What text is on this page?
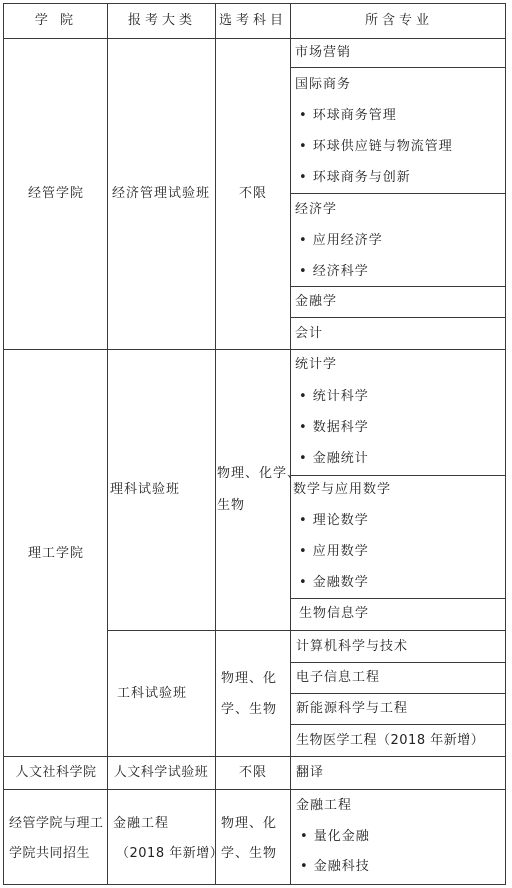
学 院	报考大类 选考科目	所含专业
经管学院 经济管理试验班 不限
市场营销
国际商务
• 环球商务管理
• 环球供应链与物流管理
• 环球商务与创新
经济学
• 应用经济学
• 经济科学
金融学
会计
理工学院
理科试验班
物理、化学、
生物
统计学
• 统计科学
• 数据科学
• 金融统计
数学与应用数学
• 理论数学
• 应用数学
• 金融数学
生物信息学
工科试验班
物理、化
学、生物
计算机科学与技术
电子信息工程
新能源科学与工程
生物医学工程（2018 年新增）
人文社科学院 人文科学试验班 不限 翻译
经管学院与理工
学院共同招生
金融工程
（2018 年新增）
物理、化
学、生物
金融工程
• 量化金融
• 金融科技
